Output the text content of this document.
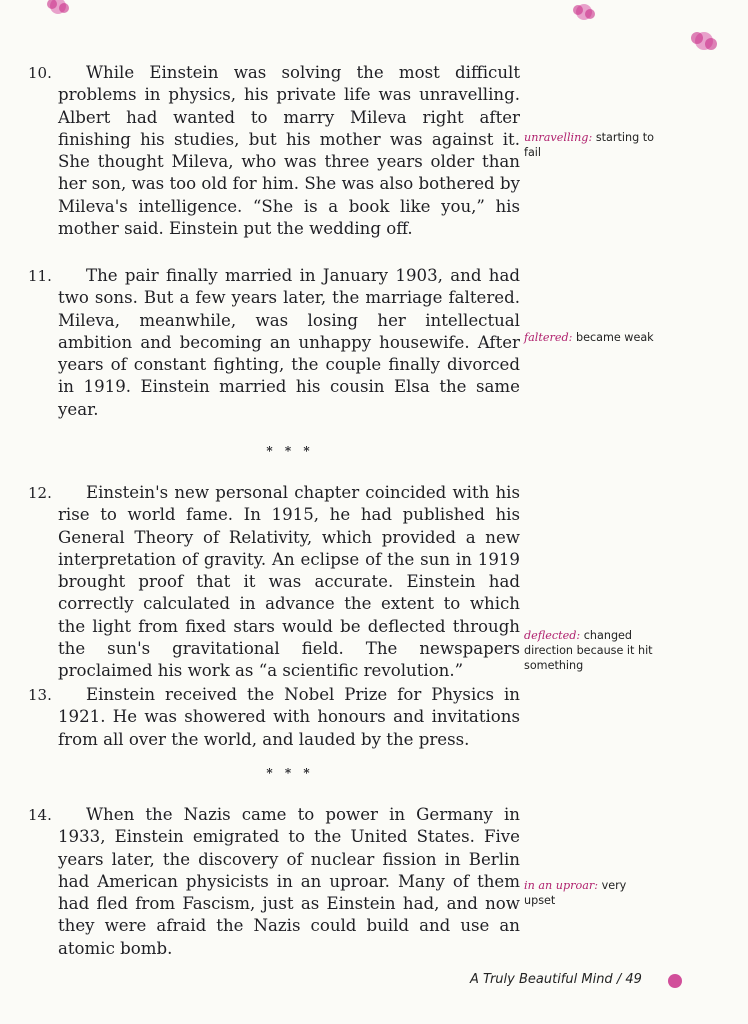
10.	While Einstein was solving the most difficult problems in physics, his private life was unravelling. Albert had wanted to marry Mileva right after finishing his studies, but his mother was against it. She thought Mileva, who was three years older than her son, was too old for him. She was also bothered by Mileva's intelligence. “She is a book like you,” his mother said. Einstein put the wedding off.

11.	The pair finally married in January 1903, and had two sons. But a few years later, the marriage faltered. Mileva, meanwhile, was losing her intellectual ambition and becoming an unhappy housewife. After years of constant fighting, the couple finally divorced in 1919. Einstein married his cousin Elsa the same year.

* * *
12.	Einstein's new personal chapter coincided with his rise to world fame. In 1915, he had published his General Theory of Relativity, which provided a new interpretation of gravity. An eclipse of the sun in 1919 brought proof that it was accurate. Einstein had correctly calculated in advance the extent to which the light from fixed stars would be deflected through the sun's gravitational field. The newspapers proclaimed his work as “a scientific revolution.”

13.	Einstein received the Nobel Prize for Physics in 1921. He was showered with honours and invitations from all over the world, and lauded by the press.

* * *
14.	When the Nazis came to power in Germany in 1933, Einstein emigrated to the United States. Five years later, the discovery of nuclear fission in Berlin had American physicists in an uproar. Many of them had fled from Fascism, just as Einstein had, and now they were afraid the Nazis could build and use an atomic bomb.

unravelling: starting to fail
faltered: became weak
deflected: changed direction because it hit something
in an uproar: very upset
A Truly Beautiful Mind / 49
